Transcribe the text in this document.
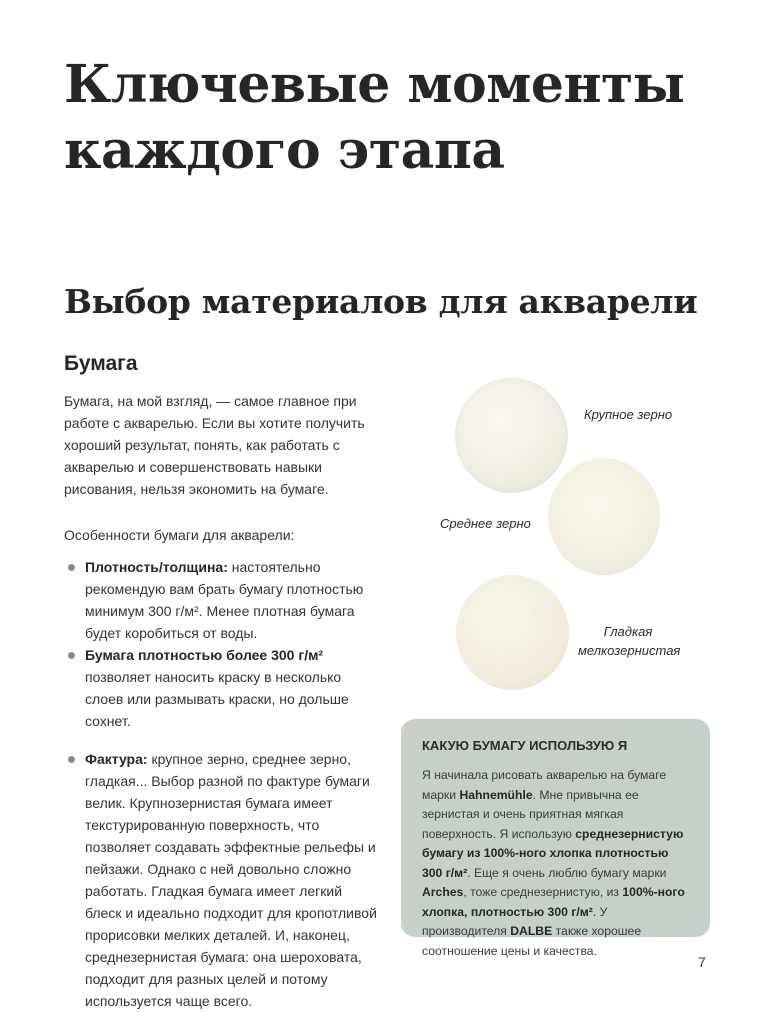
Ключевые моменты каждого этапа
Выбор материалов для акварели
Бумага
Бумага, на мой взгляд, — самое главное при работе с акварелью. Если вы хотите получить хороший результат, понять, как работать с акварелью и совершенствовать навыки рисования, нельзя экономить на бумаге.
Особенности бумаги для акварели:
Плотность/толщина: настоятельно рекомендую вам брать бумагу плотностью минимум 300 г/м². Менее плотная бумага будет коробиться от воды.
Бумага плотностью более 300 г/м² позволяет наносить краску в несколько слоев или размывать краски, но дольше сохнет.
Фактура: крупное зерно, среднее зерно, гладкая... Выбор разной по фактуре бумаги велик. Крупнозернистая бумага имеет текстурированную поверхность, что позволяет создавать эффектные рельефы и пейзажи. Однако с ней довольно сложно работать. Гладкая бумага имеет легкий блеск и идеально подходит для кропотливой прорисовки мелких деталей. И, наконец, среднезернистая бумага: она шероховата, подходит для разных целей и потому используется чаще всего.
Крупное зерно
Среднее зерно
Гладкая
мелкозернистая
КАКУЮ БУМАГУ ИСПОЛЬЗУЮ Я
Я начинала рисовать акварелью на бумаге марки Hahnemühle. Мне привычна ее зернистая и очень приятная мягкая поверхность. Я использую среднезернистую бумагу из 100%-ного хлопка плотностью 300 г/м². Еще я очень люблю бумагу марки Arches, тоже среднезернистую, из 100%-ного хлопка, плотностью 300 г/м². У производителя DALBE также хорошее соотношение цены и качества.
7
